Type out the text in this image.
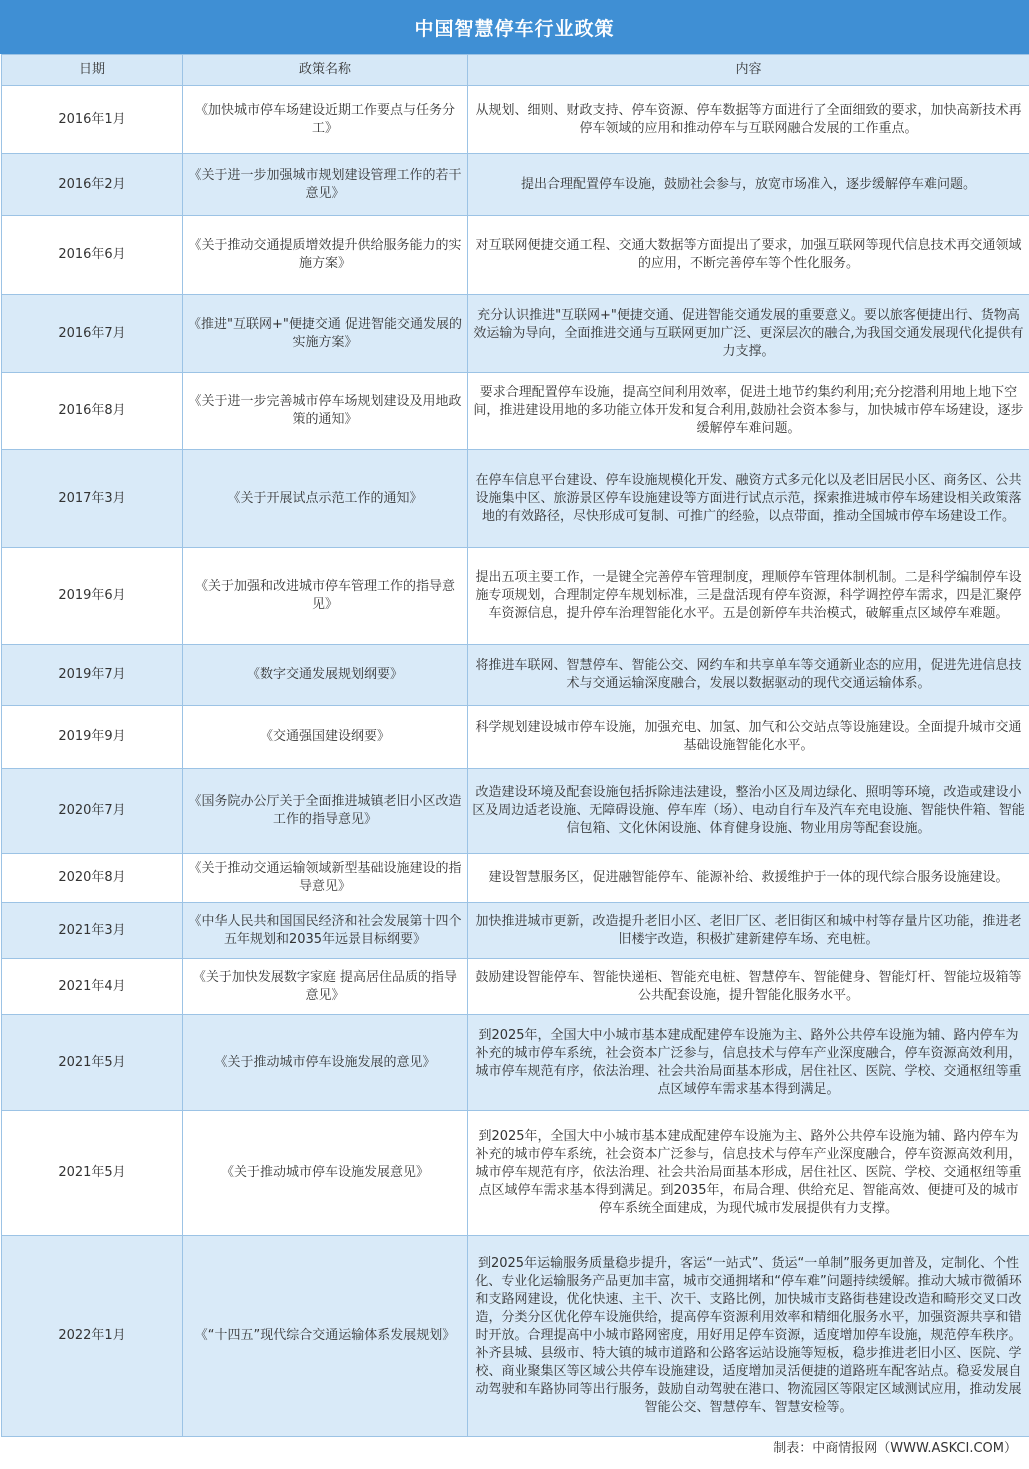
中国智慧停车行业政策
日期	政策名称	内容
2016年1月	《加快城市停车场建设近期工作要点与任务分工》	从规划、细则、财政支持、停车资源、停车数据等方面进行了全面细致的要求，加快高新技术再停车领域的应用和推动停车与互联网融合发展的工作重点。
2016年2月	《关于进一步加强城市规划建设管理工作的若干意见》	提出合理配置停车设施，鼓励社会参与，放宽市场准入，逐步缓解停车难问题。
2016年6月	《关于推动交通提质增效提升供给服务能力的实施方案》	对互联网便捷交通工程、交通大数据等方面提出了要求，加强互联网等现代信息技术再交通领域的应用，不断完善停车等个性化服务。
2016年7月	《推进"互联网+"便捷交通 促进智能交通发展的实施方案》	充分认识推进"互联网+"便捷交通、促进智能交通发展的重要意义。要以旅客便捷出行、货物高效运输为导向，全面推进交通与互联网更加广泛、更深层次的融合,为我国交通发展现代化提供有力支撑。
2016年8月	《关于进一步完善城市停车场规划建设及用地政策的通知》	要求合理配置停车设施，提高空间利用效率，促进土地节约集约利用;充分挖潜利用地上地下空间，推进建设用地的多功能立体开发和复合利用,鼓励社会资本参与，加快城市停车场建设，逐步缓解停车难问题。
2017年3月	《关于开展试点示范工作的通知》	在停车信息平台建设、停车设施规模化开发、融资方式多元化以及老旧居民小区、商务区、公共设施集中区、旅游景区停车设施建设等方面进行试点示范，探索推进城市停车场建设相关政策落地的有效路径，尽快形成可复制、可推广的经验，以点带面，推动全国城市停车场建设工作。
2019年6月	《关于加强和改进城市停车管理工作的指导意见》	提出五项主要工作，一是键全完善停车管理制度，理顺停车管理体制机制。二是科学编制停车设施专项规划，合理制定停车规划标准，三是盘活现有停车资源，科学调控停车需求，四是汇聚停车资源信息，提升停车治理智能化水平。五是创新停车共治模式，破解重点区域停车难题。
2019年7月	《数字交通发展规划纲要》	将推进车联网、智慧停车、智能公交、网约车和共享单车等交通新业态的应用，促进先进信息技术与交通运输深度融合，发展以数据驱动的现代交通运输体系。
2019年9月	《交通强国建设纲要》	科学规划建设城市停车设施，加强充电、加氢、加气和公交站点等设施建设。全面提升城市交通基础设施智能化水平。
2020年7月	《国务院办公厅关于全面推进城镇老旧小区改造工作的指导意见》	改造建设环境及配套设施包括拆除违法建设，整治小区及周边绿化、照明等环境，改造或建设小区及周边适老设施、无障碍设施、停车库（场）、电动自行车及汽车充电设施、智能快件箱、智能信包箱、文化休闲设施、体育健身设施、物业用房等配套设施。
2020年8月	《关于推动交通运输领域新型基础设施建设的指导意见》	建设智慧服务区，促进融智能停车、能源补给、救援维护于一体的现代综合服务设施建设。
2021年3月	《中华人民共和国国民经济和社会发展第十四个五年规划和2035年远景目标纲要》	加快推进城市更新，改造提升老旧小区、老旧厂区、老旧街区和城中村等存量片区功能，推进老旧楼宇改造，积极扩建新建停车场、充电桩。
2021年4月	《关于加快发展数字家庭 提高居住品质的指导意见》	鼓励建设智能停车、智能快递柜、智能充电桩、智慧停车、智能健身、智能灯杆、智能垃圾箱等公共配套设施，提升智能化服务水平。
2021年5月	《关于推动城市停车设施发展的意见》	到2025年，全国大中小城市基本建成配建停车设施为主、路外公共停车设施为辅、路内停车为补充的城市停车系统，社会资本广泛参与，信息技术与停车产业深度融合，停车资源高效利用，城市停车规范有序，依法治理、社会共治局面基本形成，居住社区、医院、学校、交通枢纽等重点区域停车需求基本得到满足。
2021年5月	《关于推动城市停车设施发展意见》	到2025年，全国大中小城市基本建成配建停车设施为主、路外公共停车设施为辅、路内停车为补充的城市停车系统，社会资本广泛参与，信息技术与停车产业深度融合，停车资源高效利用，城市停车规范有序，依法治理、社会共治局面基本形成，居住社区、医院、学校、交通枢纽等重点区域停车需求基本得到满足。到2035年，布局合理、供给充足、智能高效、便捷可及的城市停车系统全面建成，为现代城市发展提供有力支撑。
2022年1月	《“十四五”现代综合交通运输体系发展规划》	到2025年运输服务质量稳步提升，客运“一站式”、货运“一单制”服务更加普及，定制化、个性化、专业化运输服务产品更加丰富，城市交通拥堵和“停车难”问题持续缓解。推动大城市微循环和支路网建设，优化快速、主干、次干、支路比例，加快城市支路街巷建设改造和畸形交叉口改造，分类分区优化停车设施供给，提高停车资源利用效率和精细化服务水平，加强资源共享和错时开放。合理提高中小城市路网密度，用好用足停车资源，适度增加停车设施，规范停车秩序。补齐县城、县级市、特大镇的城市道路和公路客运站设施等短板，稳步推进老旧小区、医院、学校、商业聚集区等区域公共停车设施建设，适度增加灵活便捷的道路班车配客站点。稳妥发展自动驾驶和车路协同等出行服务，鼓励自动驾驶在港口、物流园区等限定区域测试应用，推动发展智能公交、智慧停车、智慧安检等。
制表：中商情报网（WWW.ASKCI.COM）
